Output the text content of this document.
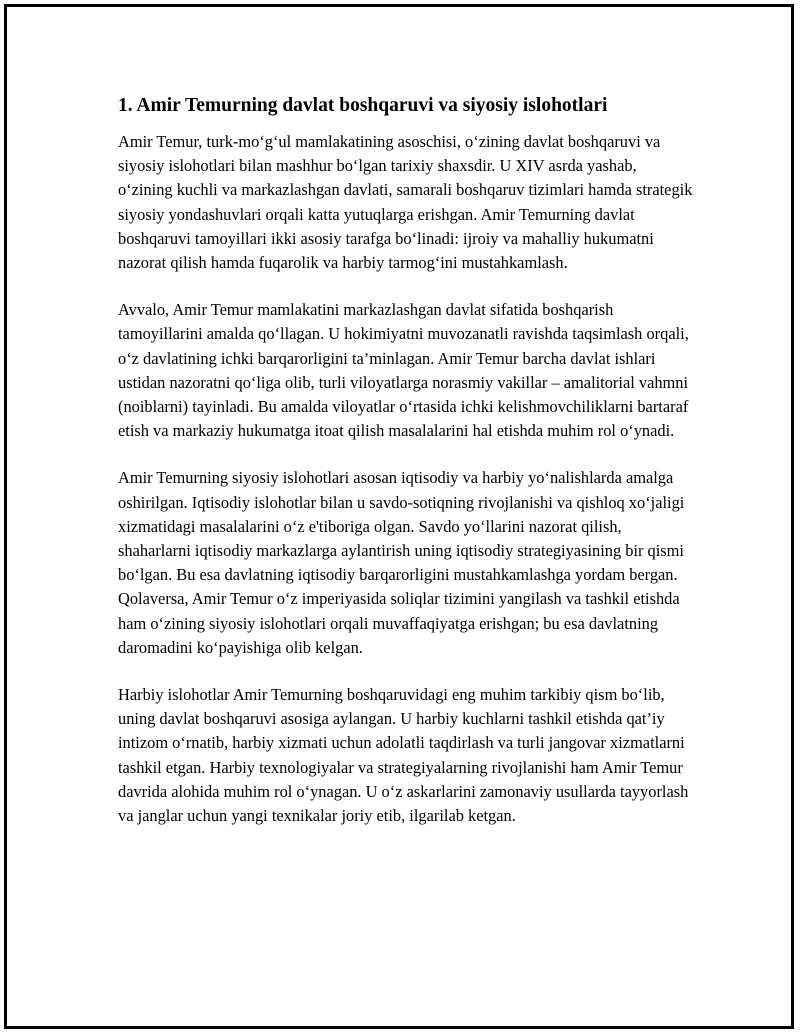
1. Amir Temurning davlat boshqaruvi va siyosiy islohotlari

Amir Temur, turk-mo‘g‘ul mamlakatining asoschisi, o‘zining davlat boshqaruvi va siyosiy islohotlari bilan mashhur bo‘lgan tarixiy shaxsdir. U XIV asrda yashab, o‘zining kuchli va markazlashgan davlati, samarali boshqaruv tizimlari hamda strategik siyosiy yondashuvlari orqali katta yutuqlarga erishgan. Amir Temurning davlat boshqaruvi tamoyillari ikki asosiy tarafga bo‘linadi: ijroiy va mahalliy hukumatni nazorat qilish hamda fuqarolik va harbiy tarmog‘ini mustahkamlash.

Avvalo, Amir Temur mamlakatini markazlashgan davlat sifatida boshqarish tamoyillarini amalda qo‘llagan. U hokimiyatni muvozanatli ravishda taqsimlash orqali, o‘z davlatining ichki barqarorligini ta’minlagan. Amir Temur barcha davlat ishlari ustidan nazoratni qo‘liga olib, turli viloyatlarga norasmiy vakillar – amalitorial vahmni (noiblarni) tayinladi. Bu amalda viloyatlar o‘rtasida ichki kelishmovchiliklarni bartaraf etish va markaziy hukumatga itoat qilish masalalarini hal etishda muhim rol o‘ynadi.

Amir Temurning siyosiy islohotlari asosan iqtisodiy va harbiy yo‘nalishlarda amalga oshirilgan. Iqtisodiy islohotlar bilan u savdo-sotiqning rivojlanishi va qishloq xo‘jaligi xizmatidagi masalalarini o‘z e'tiboriga olgan. Savdo yo‘llarini nazorat qilish, shaharlarni iqtisodiy markazlarga aylantirish uning iqtisodiy strategiyasining bir qismi bo‘lgan. Bu esa davlatning iqtisodiy barqarorligini mustahkamlashga yordam bergan. Qolaversa, Amir Temur o‘z imperiyasida soliqlar tizimini yangilash va tashkil etishda ham o‘zining siyosiy islohotlari orqali muvaffaqiyatga erishgan; bu esa davlatning daromadini ko‘payishiga olib kelgan.

Harbiy islohotlar Amir Temurning boshqaruvidagi eng muhim tarkibiy qism bo‘lib, uning davlat boshqaruvi asosiga aylangan. U harbiy kuchlarni tashkil etishda qat’iy intizom o‘rnatib, harbiy xizmati uchun adolatli taqdirlash va turli jangovar xizmatlarni tashkil etgan. Harbiy texnologiyalar va strategiyalarning rivojlanishi ham Amir Temur davrida alohida muhim rol o‘ynagan. U o‘z askarlarini zamonaviy usullarda tayyorlash va janglar uchun yangi texnikalar joriy etib, ilgarilab ketgan.
